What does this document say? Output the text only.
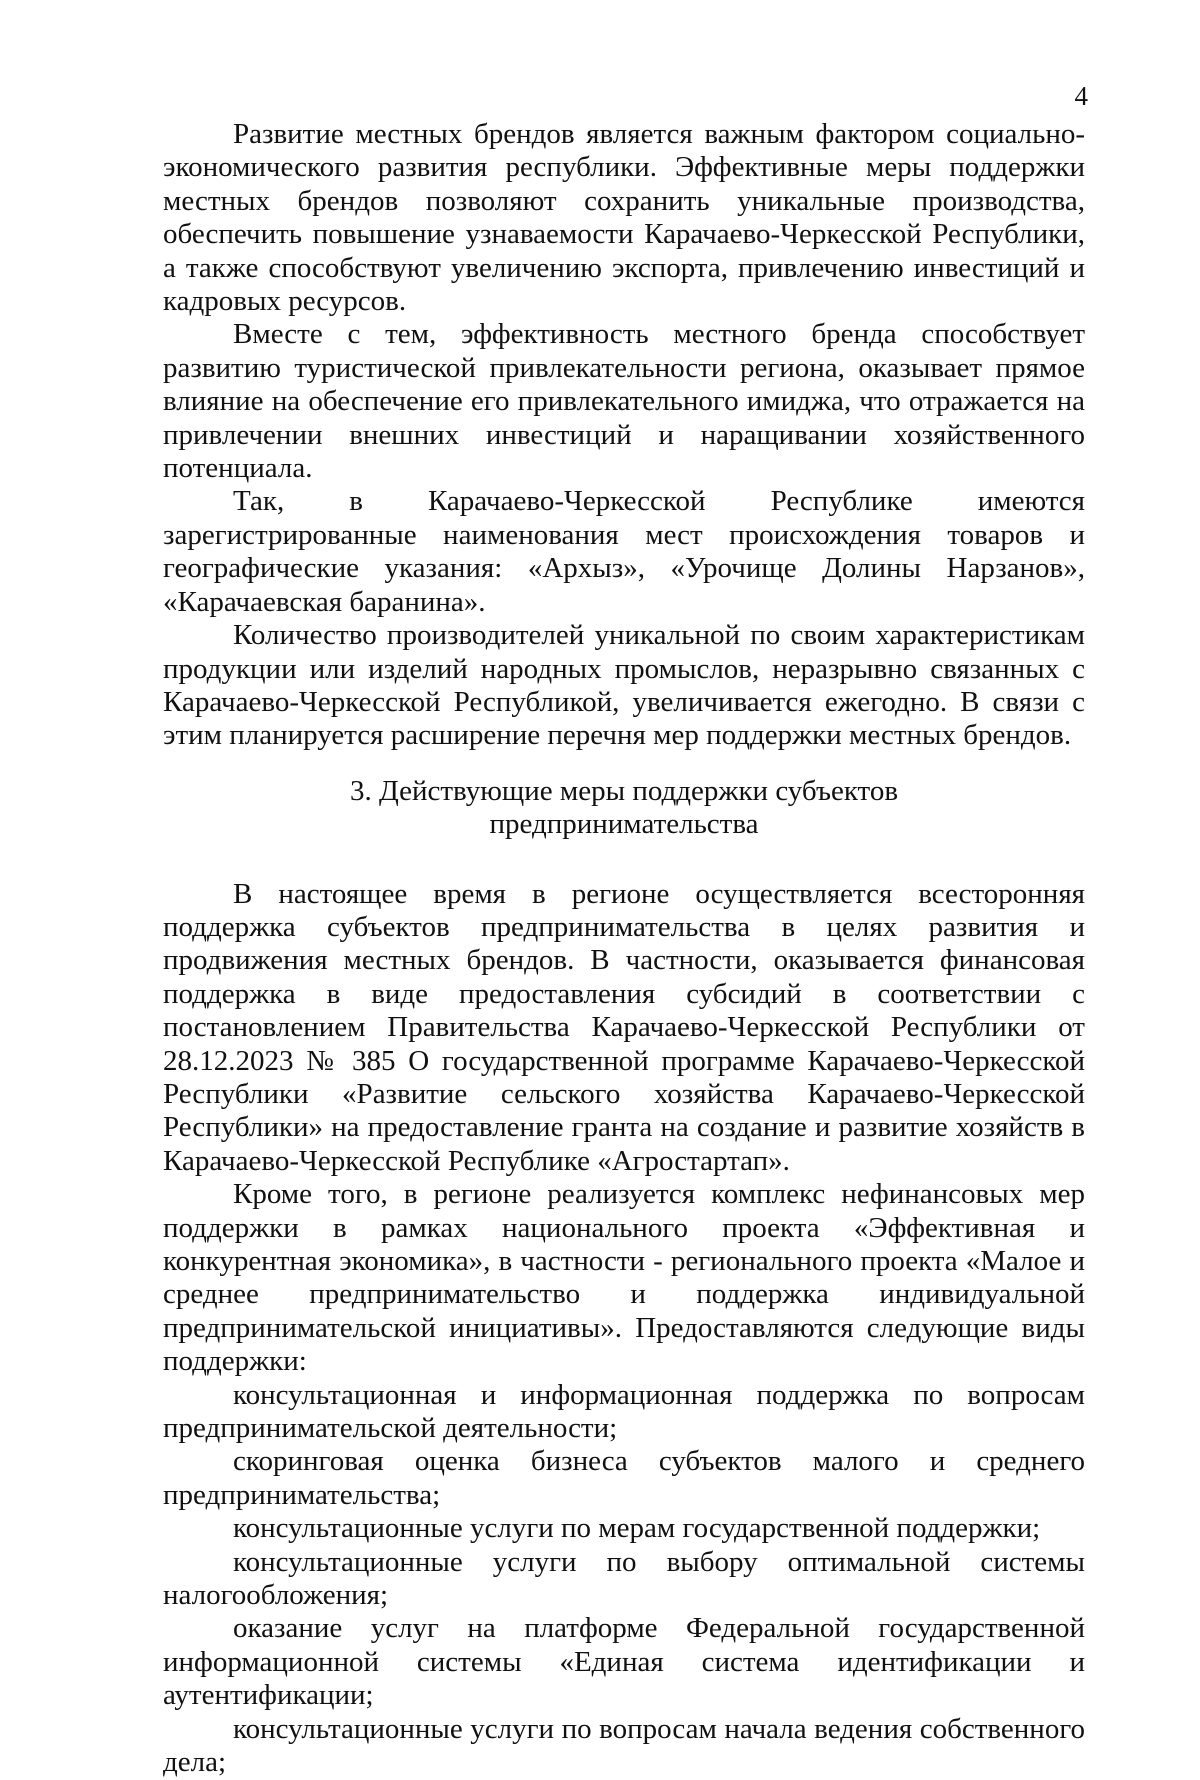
4

Развитие местных брендов является важным фактором социально-экономического развития республики. Эффективные меры поддержки местных брендов позволяют сохранить уникальные производства, обеспечить повышение узнаваемости Карачаево-Черкесской Республики, а также способствуют увеличению экспорта, привлечению инвестиций и кадровых ресурсов.

Вместе с тем, эффективность местного бренда способствует развитию туристической привлекательности региона, оказывает прямое влияние на обеспечение его привлекательного имиджа, что отражается на привлечении внешних инвестиций и наращивании хозяйственного потенциала.

Так, в Карачаево-Черкесской Республике имеются зарегистрированные наименования мест происхождения товаров и географические указания: «Архыз», «Урочище Долины Нарзанов», «Карачаевская баранина».

Количество производителей уникальной по своим характеристикам продукции или изделий народных промыслов, неразрывно связанных с Карачаево-Черкесской Республикой, увеличивается ежегодно. В связи с этим планируется расширение перечня мер поддержки местных брендов.

3. Действующие меры поддержки субъектов
предпринимательства

В настоящее время в регионе осуществляется всесторонняя поддержка субъектов предпринимательства в целях развития и продвижения местных брендов. В частности, оказывается финансовая поддержка в виде предоставления субсидий в соответствии с постановлением Правительства Карачаево-Черкесской Республики от 28.12.2023 № 385 О государственной программе Карачаево-Черкесской Республики «Развитие сельского хозяйства Карачаево-Черкесской Республики» на предоставление гранта на создание и развитие хозяйств в Карачаево-Черкесской Республике «Агростартап».

Кроме того, в регионе реализуется комплекс нефинансовых мер поддержки в рамках национального проекта «Эффективная и конкурентная экономика», в частности - регионального проекта «Малое и среднее предпринимательство и поддержка индивидуальной предпринимательской инициативы». Предоставляются следующие виды поддержки:

консультационная и информационная поддержка по вопросам предпринимательской деятельности;

скоринговая оценка бизнеса субъектов малого и среднего предпринимательства;

консультационные услуги по мерам государственной поддержки;

консультационные услуги по выбору оптимальной системы налогообложения;

оказание услуг на платформе Федеральной государственной информационной системы «Единая система идентификации и аутентификации;

консультационные услуги по вопросам начала ведения собственного дела;
